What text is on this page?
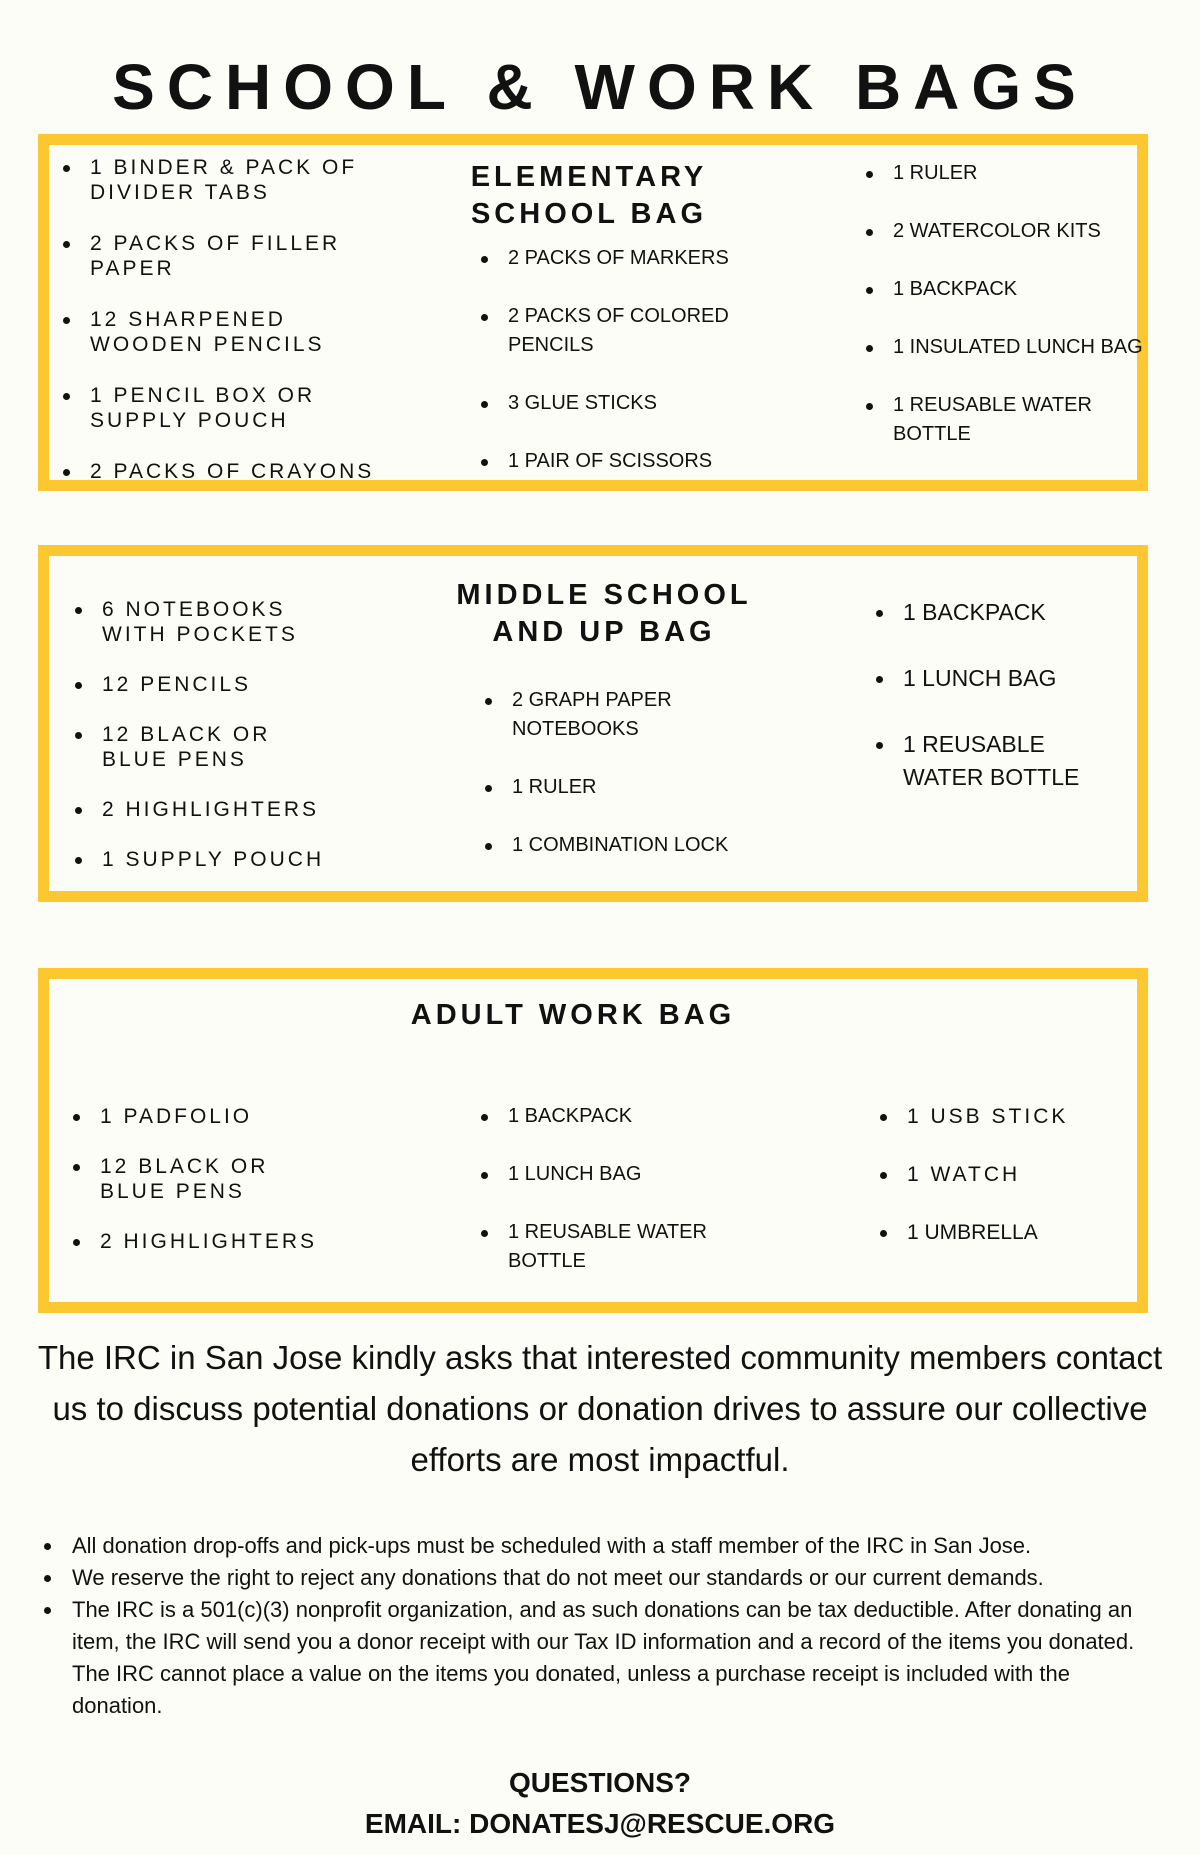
SCHOOL & WORK BAGS
1 BINDER & PACK OF DIVIDER TABS
2 PACKS OF FILLER PAPER
12 SHARPENED WOODEN PENCILS
1 PENCIL BOX OR SUPPLY POUCH
2 PACKS OF CRAYONS

ELEMENTARY

SCHOOL BAG

2 PACKS OF MARKERS
2 PACKS OF COLORED PENCILS
3 GLUE STICKS
1 PAIR OF SCISSORS
1 RULER
2 WATERCOLOR KITS
1 BACKPACK
1 INSULATED LUNCH BAG
1 REUSABLE WATER BOTTLE
6 NOTEBOOKS WITH POCKETS
12 PENCILS
12 BLACK OR BLUE PENS
2 HIGHLIGHTERS
1 SUPPLY POUCH

MIDDLE SCHOOL

AND UP BAG

2 GRAPH PAPER NOTEBOOKS
1 RULER
1 COMBINATION LOCK
1 BACKPACK
1 LUNCH BAG
1 REUSABLE WATER BOTTLE

ADULT WORK BAG

1 PADFOLIO
12 BLACK OR BLUE PENS
2 HIGHLIGHTERS
1 BACKPACK
1 LUNCH BAG
1 REUSABLE WATER BOTTLE
1 USB STICK
1 WATCH
1 UMBRELLA

The IRC in San Jose kindly asks that interested community members contact us to discuss potential donations or donation drives to assure our collective efforts are most impactful.

All donation drop-offs and pick-ups must be scheduled with a staff member of the IRC in San Jose.
We reserve the right to reject any donations that do not meet our standards or our current demands.
The IRC is a 501(c)(3) nonprofit organization, and as such donations can be tax deductible. After donating an item, the IRC will send you a donor receipt with our Tax ID information and a record of the items you donated. The IRC cannot place a value on the items you donated, unless a purchase receipt is included with the donation.

QUESTIONS?

EMAIL: DONATESJ@RESCUE.ORG
